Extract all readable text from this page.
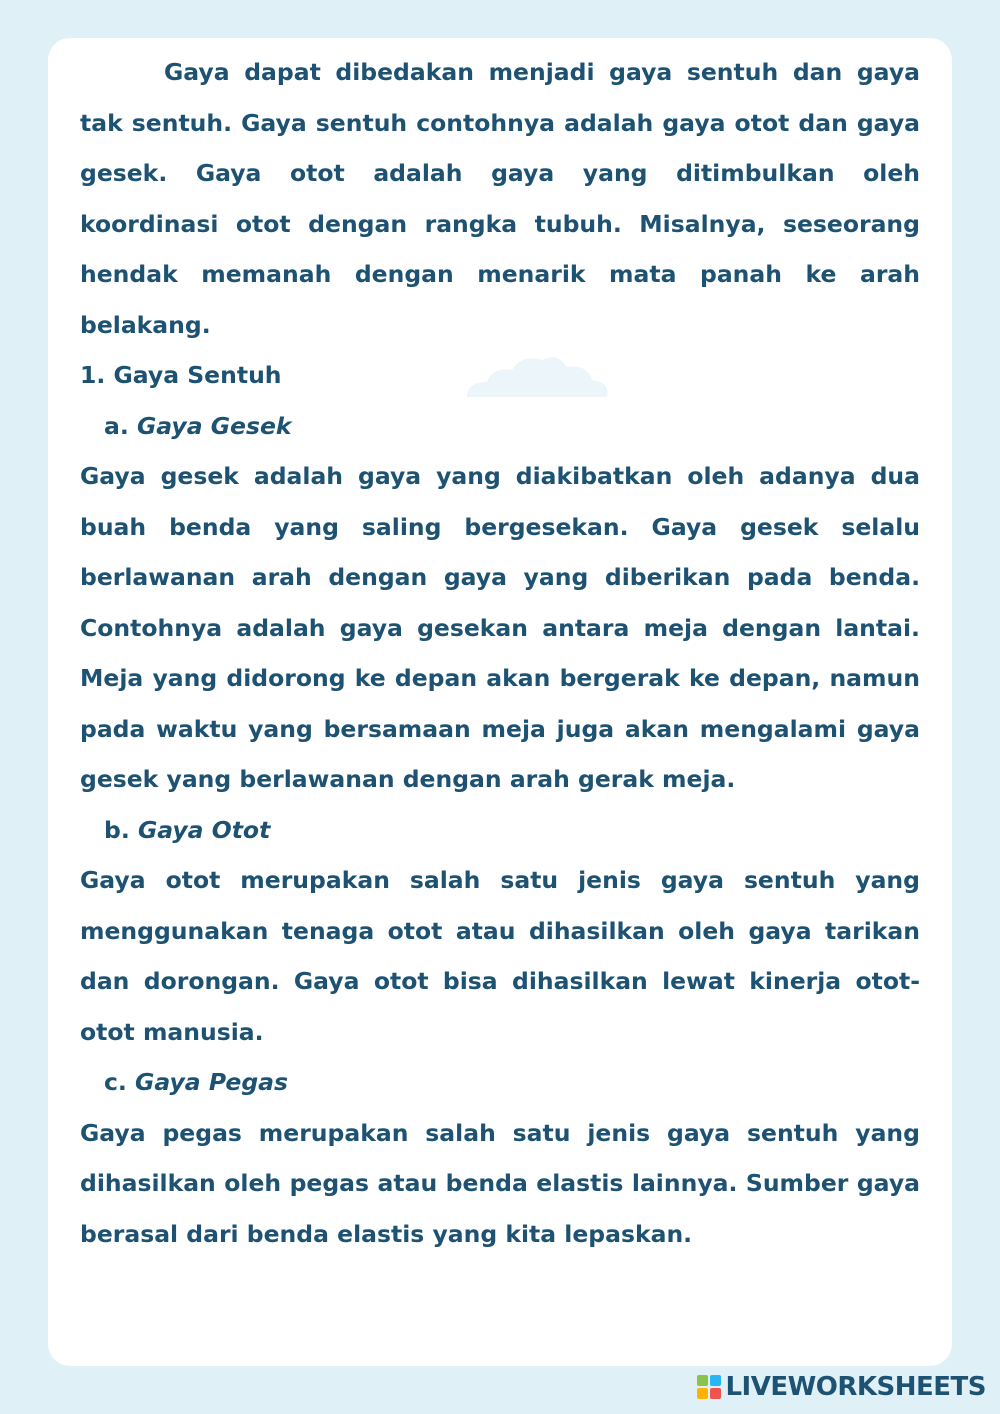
Gaya dapat dibedakan menjadi gaya sentuh dan gaya tak sentuh. Gaya sentuh contohnya adalah gaya otot dan gaya gesek. Gaya otot adalah gaya yang ditimbulkan oleh koordinasi otot dengan rangka tubuh. Misalnya, seseorang hendak memanah dengan menarik mata panah ke arah belakang.

1. Gaya Sentuh

a. Gaya Gesek

Gaya gesek adalah gaya yang diakibatkan oleh adanya dua buah benda yang saling bergesekan. Gaya gesek selalu berlawanan arah dengan gaya yang diberikan pada benda. Contohnya adalah gaya gesekan antara meja dengan lantai. Meja yang didorong ke depan akan bergerak ke depan, namun pada waktu yang bersamaan meja juga akan mengalami gaya gesek yang berlawanan dengan arah gerak meja.

b. Gaya Otot

Gaya otot merupakan salah satu jenis gaya sentuh yang menggunakan tenaga otot atau dihasilkan oleh gaya tarikan dan dorongan. Gaya otot bisa dihasilkan lewat kinerja otot-otot manusia.

c. Gaya Pegas

Gaya pegas merupakan salah satu jenis gaya sentuh yang dihasilkan oleh pegas atau benda elastis lainnya. Sumber gaya berasal dari benda elastis yang kita lepaskan.

LIVEWORKSHEETS
